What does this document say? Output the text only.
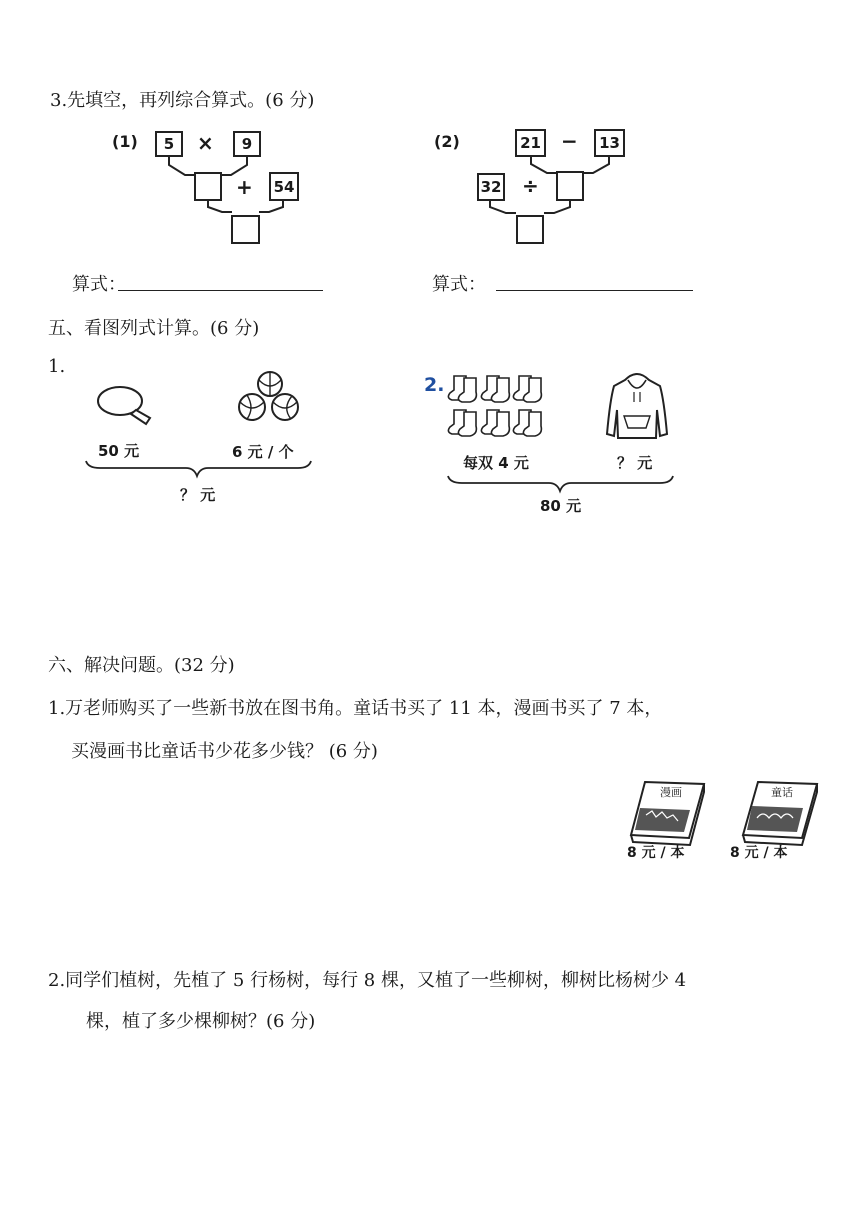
3.先填空，再列综合算式。(6 分)
(1)	5	×	9
+	54
(2)	21 −	13
32 ÷
算式：	算式：
五、看图列式计算。(6 分)
1.
50 元	6 元 / 个
？ 元
2.
每双 4 元	？ 元
80 元
六、解决问题。(32 分)
1.万老师购买了一些新书放在图书角。童话书买了 11 本，漫画书买了 7 本，
买漫画书比童话书少花多少钱？ (6 分)
漫画	童话
8 元 / 本	8 元 / 本
2.同学们植树，先植了 5 行杨树，每行 8 棵，又植了一些柳树，柳树比杨树少 4
棵，植了多少棵柳树？(6 分)
